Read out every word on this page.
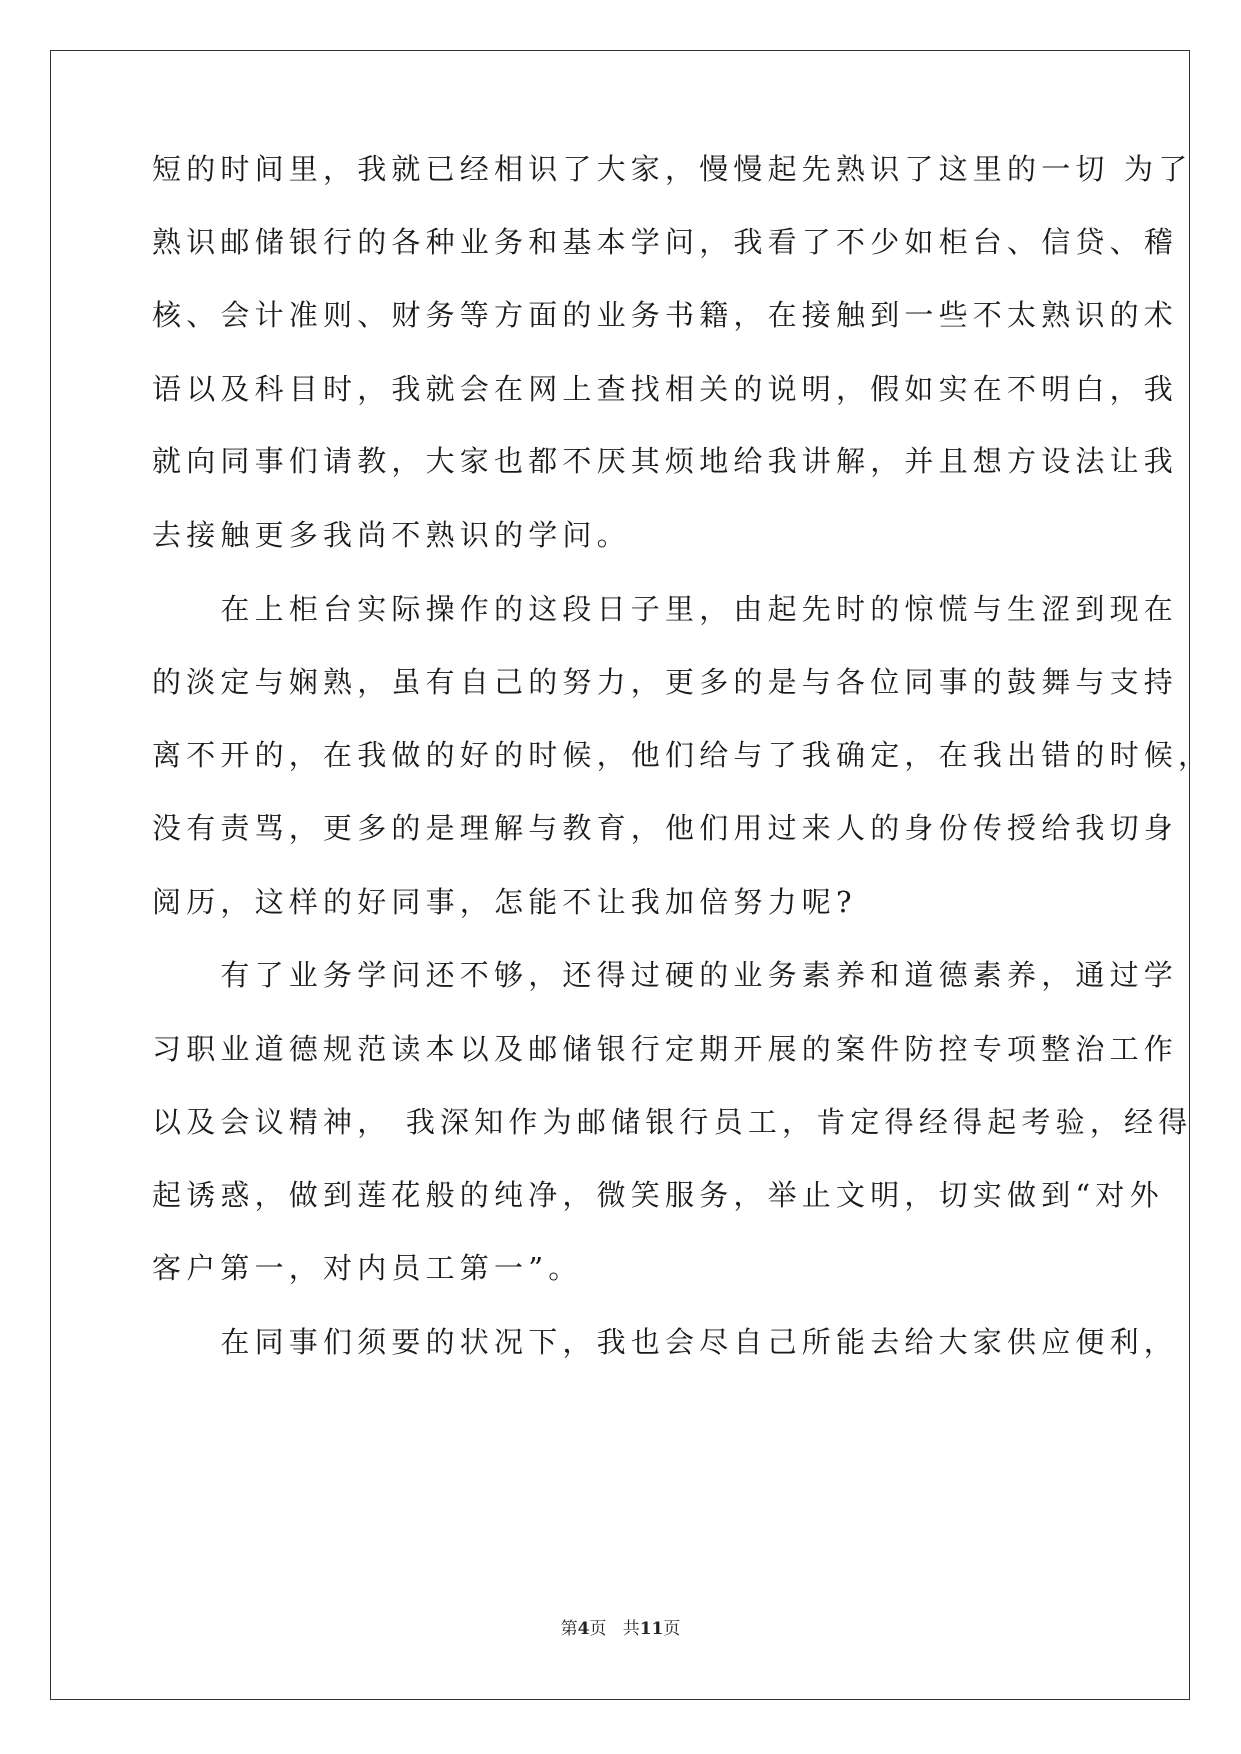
短的时间里，我就已经相识了大家，慢慢起先熟识了这里的一切 为了
熟识邮储银行的各种业务和基本学问，我看了不少如柜台、信贷、稽
核、会计准则、财务等方面的业务书籍，在接触到一些不太熟识的术
语以及科目时，我就会在网上查找相关的说明，假如实在不明白，我
就向同事们请教，大家也都不厌其烦地给我讲解，并且想方设法让我
去接触更多我尚不熟识的学问。
　　在上柜台实际操作的这段日子里，由起先时的惊慌与生涩到现在
的淡定与娴熟，虽有自己的努力，更多的是与各位同事的鼓舞与支持
离不开的，在我做的好的时候，他们给与了我确定，在我出错的时候，
没有责骂，更多的是理解与教育，他们用过来人的身份传授给我切身
阅历，这样的好同事，怎能不让我加倍努力呢?
　　有了业务学问还不够，还得过硬的业务素养和道德素养，通过学
习职业道德规范读本以及邮储银行定期开展的案件防控专项整治工作
以及会议精神， 我深知作为邮储银行员工，肯定得经得起考验，经得
起诱惑，做到莲花般的纯净，微笑服务，举止文明，切实做到“对外
客户第一，对内员工第一”。
　　在同事们须要的状况下，我也会尽自己所能去给大家供应便利，
第4页 共11页
